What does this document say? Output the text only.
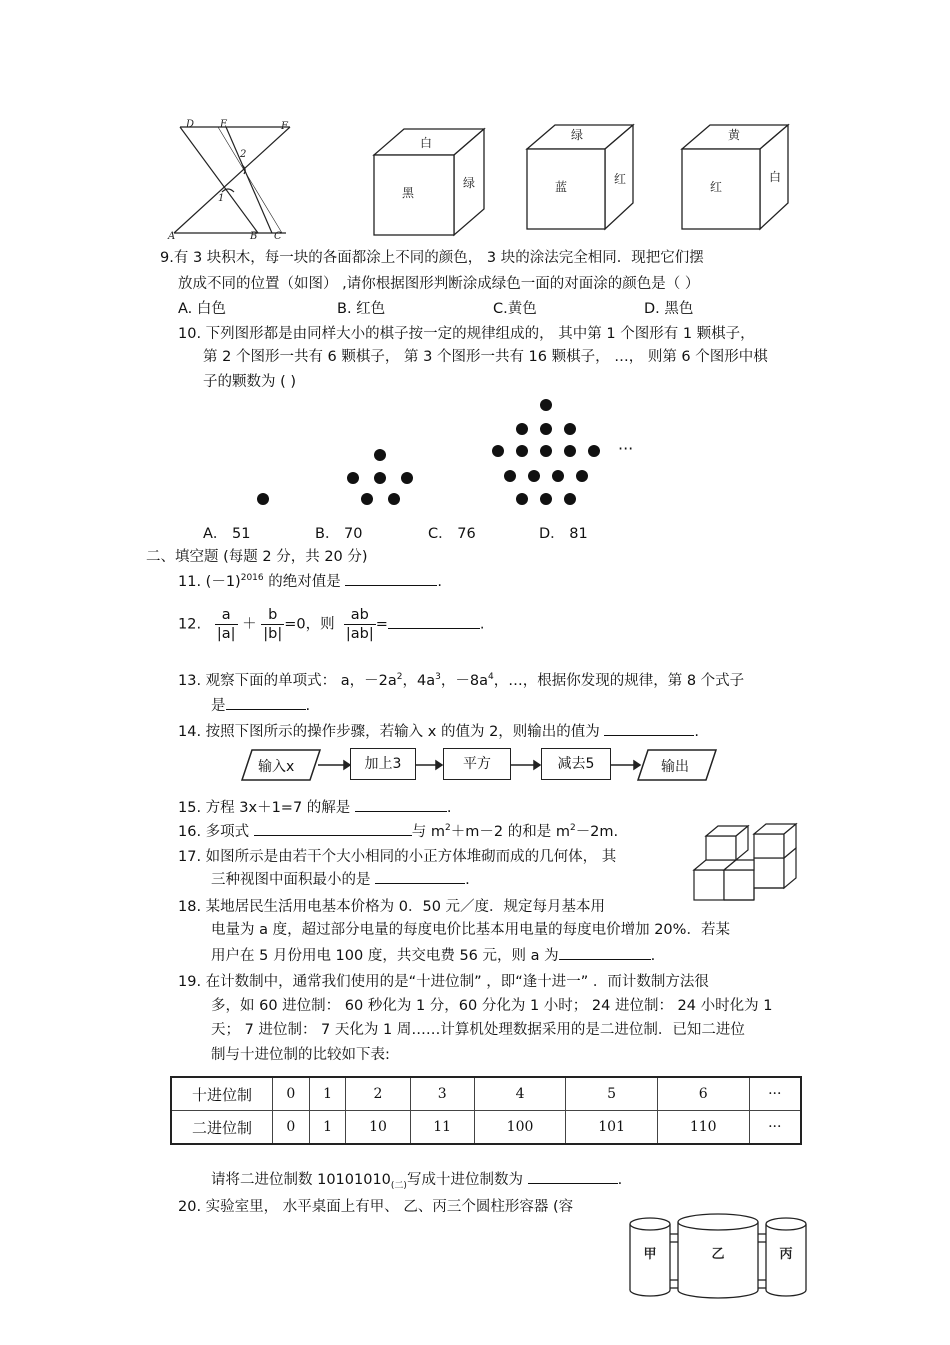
D	E	F
A	B C
1
2
白
黑
绿
绿
蓝
红
黄
红
白
9.有 3 块积木，每一块的各面都涂上不同的颜色， 3 块的涂法完全相同．现把它们摆
放成不同的位置（如图） ,请你根据图形判断涂成绿色一面的对面涂的颜色是（ ）
A. 白色	B. 红色	C.黄色	D. 黑色
10. 下列图形都是由同样大小的棋子按一定的规律组成的， 其中第 1 个图形有 1 颗棋子，
第 2 个图形一共有 6 颗棋子， 第 3 个图形一共有 16 颗棋子， …， 则第 6 个图形中棋
子的颗数为 ( )
···
A． 51	B． 70	C． 76	D． 81
二、填空题 (每题 2 分，共 20 分)
11. $(-1)^{2016}$ 的绝对值是	.
12. $\frac{a}{|a|} + \frac{b}{|b|} =0$，则 $\frac{ab}{|ab|}$ =	.
13. 观察下面的单项式： a，$-2a^2$，$4a^3$，$-8a^4$，…，根据你发现的规律，第 8 个式子
是	.
14. 按照下图所示的操作步骤，若输入 x 的值为 2，则输出的值为	.
输入x	加上3	平方	减去5	输出
15. 方程 3x＋1=7 的解是	.
16. 多项式	与 $m^2+m-2$ 的和是 $m^2-2m$.
17. 如图所示是由若干个大小相同的小正方体堆砌而成的几何体， 其
三种视图中面积最小的是	.
18. 某地居民生活用电基本价格为 0．50 元／度．规定每月基本用
电量为 a 度，超过部分电量的每度电价比基本用电量的每度电价增加 20%．若某
用户在 5 月份用电 100 度，共交电费 56 元，则 a 为	.
19. 在计数制中，通常我们使用的是“十进位制” ，即“逢十进一” ．而计数制方法很
多，如 60 进位制： 60 秒化为 1 分，60 分化为 1 小时； 24 进位制： 24 小时化为 1
天； 7 进位制： 7 天化为 1 周……计算机处理数据采用的是二进位制．已知二进位
制与十进位制的比较如下表:
十进位制	0	1	2	3	4	5	6	···
二进位制	0	1	10	11	100	101	110	···
请将二进位制数 $10101010_{(二)}$写成十进位制数为	.
20. 实验室里， 水平桌面上有甲、 乙、丙三个圆柱形容器 (容
甲	乙	丙
